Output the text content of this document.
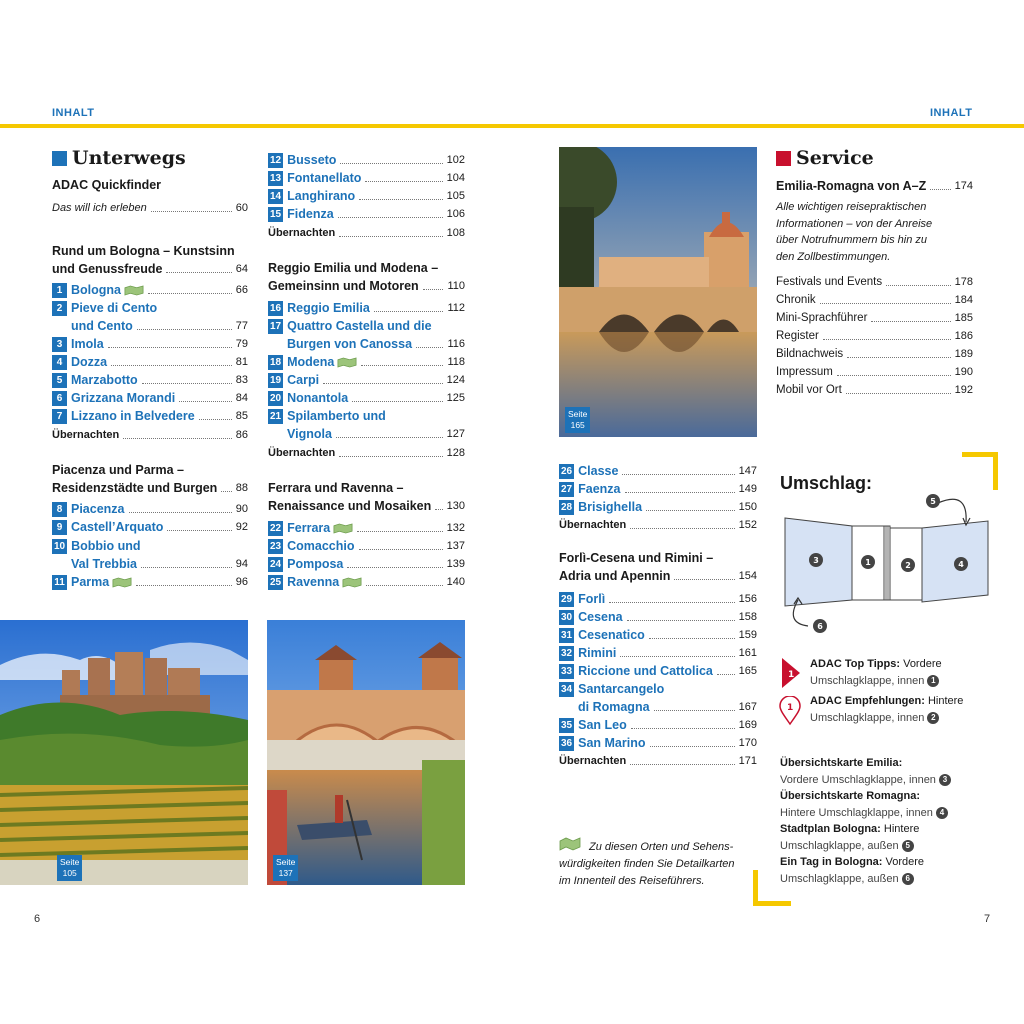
INHALT	INHALT
Unterwegs
ADAC Quickfinder
Das will ich erleben	60
Rund um Bologna – Kunstsinn
und Genussfreude	64
Piacenza und Parma –
Residenzstädte und Burgen 88
Reggio Emilia und Modena –
Gemeinsinn und Motoren	110
Ferrara und Ravenna –
Renaissance und Mosaiken 130
Forlì-Cesena und Rimini –
Adria und Apennin	154
1 Bologna	66
2 Pieve di Cento
und Cento	77
3 Imola	79
4 Dozza	81
5 Marzabotto	83
6 Grizzana Morandi	84
7 Lizzano in Belvedere	85
8 Piacenza	90
9 Castell’Arquato	92
10 Bobbio und
Val Trebbia	94
11 Parma	96
12 Busseto	102
13 Fontanellato	104
14 Langhirano	105
15 Fidenza	106
16 Reggio Emilia	112
17 Quattro Castella und die
Burgen von Canossa	116
18 Modena	118
19 Carpi	124
20 Nonantola	125
21 Spilamberto und
Vignola	127
22 Ferrara	132
23 Comacchio	137
24 Pomposa	139
25 Ravenna	140
26 Classe	147
27 Faenza	149
28 Brisighella	150
29 Forlì	156
30 Cesena	158
31 Cesenatico	159
32 Rimini	161
33 Riccione und Cattolica 165
34 Santarcangelo
di Romagna	167
35 San Leo	169
36 San Marino	170
Übernachten	86
Übernachten	108
Übernachten	128
Übernachten	152
Übernachten	171
Seite
105
Seite
137
Seite
165
Zu diesen Orten und Sehens-
würdigkeiten finden Sie Detailkarten
im Innenteil des Reiseführers.
Service
Emilia-Romagna von A–Z	174
Alle wichtigen reisepraktischen
Informationen – von der Anreise
über Notrufnummern bis hin zu
den Zollbestimmungen.
Festivals und Events	178
Chronik	184
Mini-Sprachführer	185
Register	186
Bildnachweis	189
Impressum	190
Mobil vor Ort	192
Umschlag:
3	1	2	4
5
6
1
1
ADAC Top Tipps: Vordere
Umschlagklappe, innen 1
ADAC Empfehlungen: Hintere
Umschlagklappe, innen 2
Übersichtskarte Emilia:
Vordere Umschlagklappe, innen 3
Übersichtskarte Romagna:
Hintere Umschlagklappe, innen 4
Stadtplan Bologna: Hintere
Umschlagklappe, außen 5
Ein Tag in Bologna: Vordere
Umschlagklappe, außen 6
6	7
